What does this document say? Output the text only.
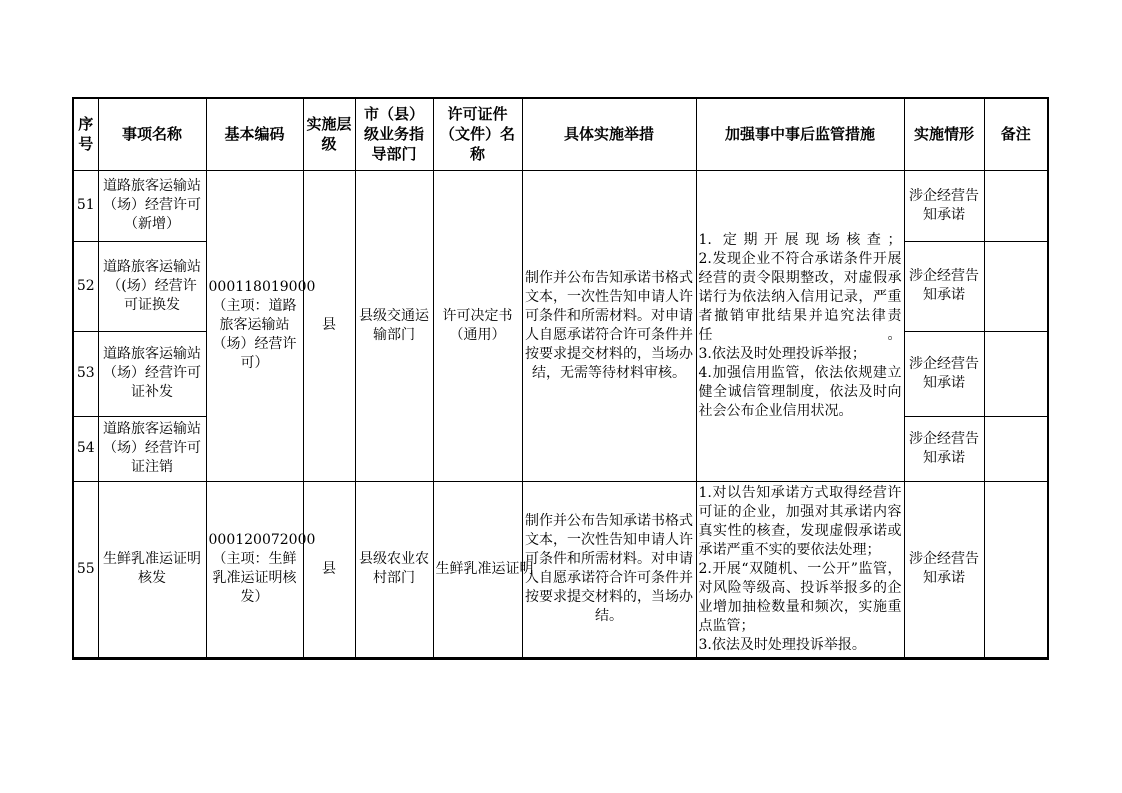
序号	事项名称	基本编码	实施层级	市（县）级业务指导部门	许可证件（文件）名称	具体实施举措	加强事中事后监管措施	实施情形	备注
51	道路旅客运输站（场）经营许可（新增）	000118019000（主项：道路旅客运输站（场）经营许可）	县	县级交通运输部门	许可决定书（通用）	制作并公布告知承诺书格式文本，一次性告知申请人许可条件和所需材料。对申请人自愿承诺符合许可条件并按要求提交材料的，当场办结，无需等待材料审核。	1. 定期开展现场核查；
2.发现企业不符合承诺条件开展经营的责令限期整改，对虚假承诺行为依法纳入信用记录，严重者撤销审批结果并追究法律责任。
3.依法及时处理投诉举报；
4.加强信用监管，依法依规建立健全诚信管理制度，依法及时向社会公布企业信用状况。	涉企经营告知承诺	
52	道路旅客运输站（(场）经营许可证换发							涉企经营告知承诺	
53	道路旅客运输站（场）经营许可证补发							涉企经营告知承诺	
54	道路旅客运输站（场）经营许可证注销							涉企经营告知承诺	
55	生鲜乳准运证明核发	000120072000（主项：生鲜乳准运证明核发）	县	县级农业农村部门	生鲜乳准运证明	制作并公布告知承诺书格式文本，一次性告知申请人许可条件和所需材料。对申请人自愿承诺符合许可条件并按要求提交材料的，当场办结。	1.对以告知承诺方式取得经营许可证的企业，加强对其承诺内容真实性的核查，发现虚假承诺或承诺严重不实的要依法处理；
2.开展“双随机、一公开”监管，对风险等级高、投诉举报多的企业增加抽检数量和频次，实施重点监管；
3.依法及时处理投诉举报。	涉企经营告知承诺	
